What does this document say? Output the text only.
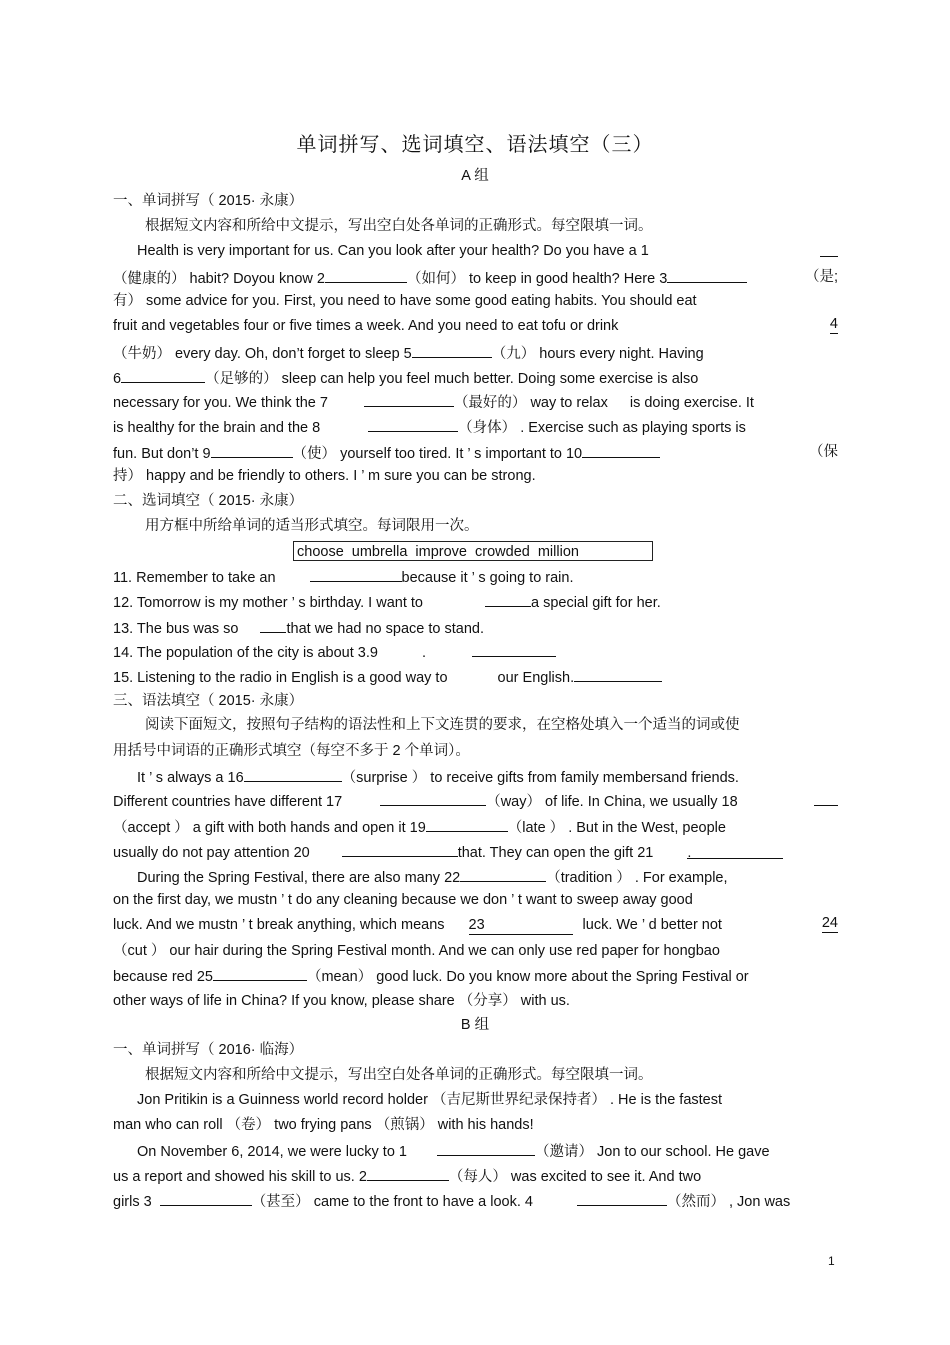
单词拼写、选词填空、语法填空（三）
A 组
一、单词拼写（ 2015· 永康）
根据短文内容和所给中文提示，写出空白处各单词的正确形式。每空限填一词。
Health is very important for us. Can you look after your health? Do you have a 1
（健康的） habit? Doyou know 2	（如何） to keep in good health? Here 3	（是;
有） some advice for you. First, you need to have some good eating habits. You should eat
fruit and vegetables four or five times a week. And you need to eat tofu or drink	4
（牛奶） every day. Oh, don’t forget to sleep 5	（九） hours every night. Having
6	（足够的） sleep can help you feel much better. Doing some exercise is also
necessary for you. We think the 7	（最好的） way to relax is doing exercise. It
is healthy for the brain and the 8	（身体） . Exercise such as playing sports is
fun. But don’t 9	（使） yourself too tired. It ’ s important to 10	（保
持） happy and be friendly to others. I ’ m sure you can be strong.
二、选词填空（ 2015· 永康）
用方框中所给单词的适当形式填空。每词限用一次。
choose umbrella improve crowded million
11. Remember to take an	because it ’ s going to rain.
12. Tomorrow is my mother ’ s birthday. I want to	a special gift for her.
13. The bus was so	that we had no space to stand.
14. The population of the city is about 3.9	.
15. Listening to the radio in English is a good way to	our English.
三、语法填空（ 2015· 永康）
阅读下面短文，按照句子结构的语法性和上下文连贯的要求，在空格处填入一个适当的词或使
用括号中词语的正确形式填空（每空不多于 2 个单词）。
It ’ s always a 16	（surprise ） to receive gifts from family membersand friends.
Different countries have different 17	（way） of life. In China, we usually 18
（accept ） a gift with both hands and open it 19	（late ） . But in the West, people
usually do not pay attention 20	that. They can open the gift 21 .
During the Spring Festival, there are also many 22	（tradition ） . For example,
on the first day, we mustn ’ t do any cleaning because we don ’ t want to sweep away good
luck. And we mustn ’ t break anything, which means 23	luck. We ’ d better not	24
（cut ） our hair during the Spring Festival month. And we can only use red paper for hongbao
because red 25	（mean） good luck. Do you know more about the Spring Festival or
other ways of life in China? If you know, please share （分享） with us.
B 组
一、单词拼写（ 2016· 临海）
根据短文内容和所给中文提示，写出空白处各单词的正确形式。每空限填一词。
Jon Pritikin is a Guinness world record holder （吉尼斯世界纪录保持者） . He is the fastest
man who can roll （卷） two frying pans （煎锅） with his hands!
On November 6, 2014, we were lucky to 1	（邀请） Jon to our school. He gave
us a report and showed his skill to us. 2	（每人） was excited to see it. And two
girls 3	（甚至） came to the front to have a look. 4	（然而） , Jon was
1
